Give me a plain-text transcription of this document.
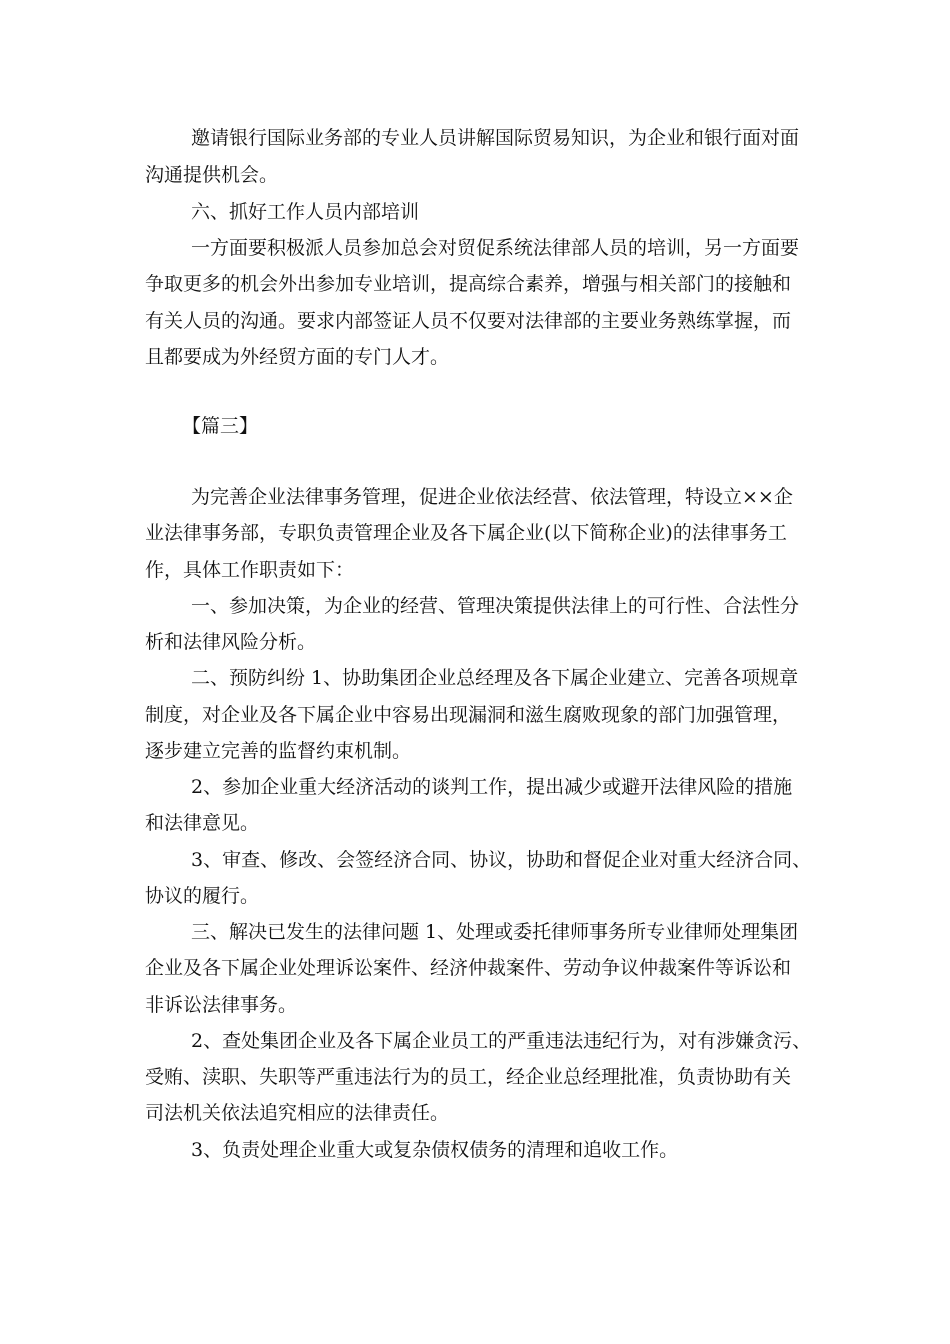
邀请银行国际业务部的专业人员讲解国际贸易知识，为企业和银行面对面
沟通提供机会。
六、抓好工作人员内部培训
一方面要积极派人员参加总会对贸促系统法律部人员的培训，另一方面要
争取更多的机会外出参加专业培训，提高综合素养，增强与相关部门的接触和
有关人员的沟通。要求内部签证人员不仅要对法律部的主要业务熟练掌握，而
且都要成为外经贸方面的专门人才。
【篇三】
为完善企业法律事务管理，促进企业依法经营、依法管理，特设立××企
业法律事务部，专职负责管理企业及各下属企业(以下简称企业)的法律事务工
作，具体工作职责如下：
一、参加决策，为企业的经营、管理决策提供法律上的可行性、合法性分
析和法律风险分析。
二、预防纠纷 1、协助集团企业总经理及各下属企业建立、完善各项规章
制度，对企业及各下属企业中容易出现漏洞和滋生腐败现象的部门加强管理，
逐步建立完善的监督约束机制。
2、参加企业重大经济活动的谈判工作，提出减少或避开法律风险的措施
和法律意见。
3、审查、修改、会签经济合同、协议，协助和督促企业对重大经济合同、
协议的履行。
三、解决已发生的法律问题 1、处理或委托律师事务所专业律师处理集团
企业及各下属企业处理诉讼案件、经济仲裁案件、劳动争议仲裁案件等诉讼和
非诉讼法律事务。
2、查处集团企业及各下属企业员工的严重违法违纪行为，对有涉嫌贪污、
受贿、渎职、失职等严重违法行为的员工，经企业总经理批准，负责协助有关
司法机关依法追究相应的法律责任。
3、负责处理企业重大或复杂债权债务的清理和追收工作。
